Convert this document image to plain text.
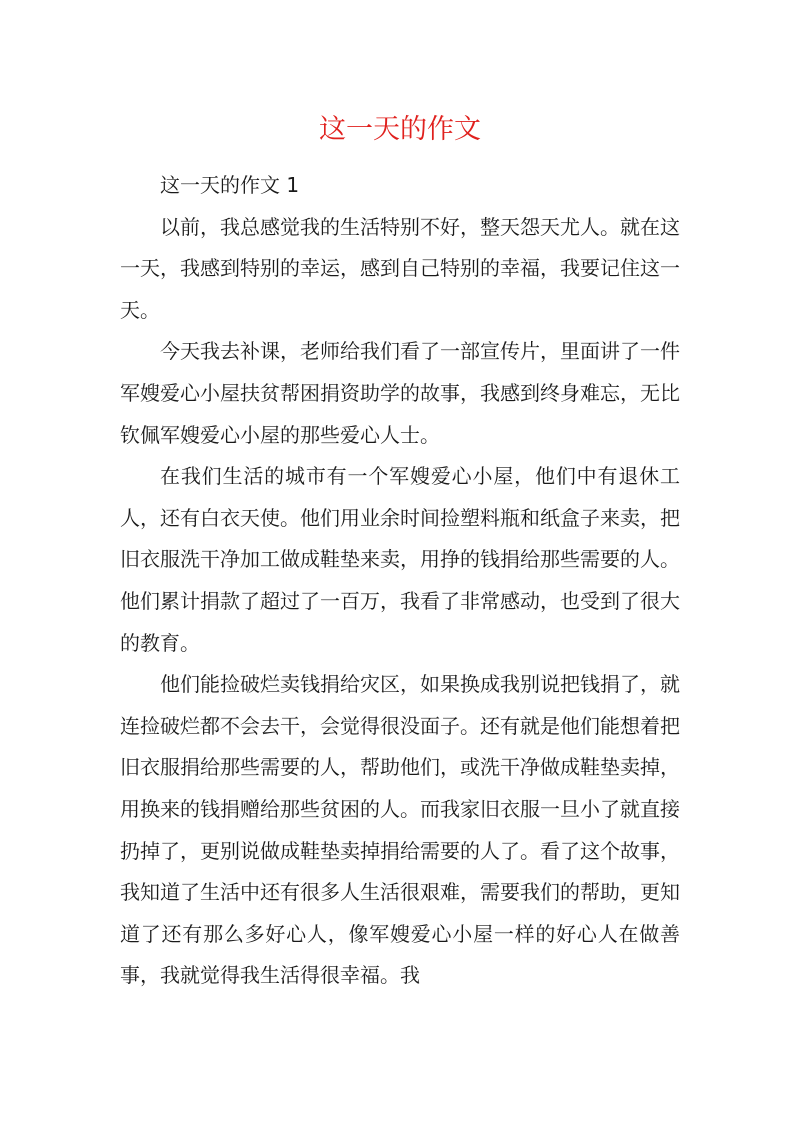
这一天的作文

这一天的作文 1

以前，我总感觉我的生活特别不好，整天怨天尤人。就在这一天，我感到特别的幸运，感到自己特别的幸福，我要记住这一天。

今天我去补课，老师给我们看了一部宣传片，里面讲了一件军嫂爱心小屋扶贫帮困捐资助学的故事，我感到终身难忘，无比钦佩军嫂爱心小屋的那些爱心人士。

在我们生活的城市有一个军嫂爱心小屋，他们中有退休工人，还有白衣天使。他们用业余时间捡塑料瓶和纸盒子来卖，把旧衣服洗干净加工做成鞋垫来卖，用挣的钱捐给那些需要的人。他们累计捐款了超过了一百万，我看了非常感动，也受到了很大的教育。

他们能捡破烂卖钱捐给灾区，如果换成我别说把钱捐了，就连捡破烂都不会去干，会觉得很没面子。还有就是他们能想着把旧衣服捐给那些需要的人，帮助他们，或洗干净做成鞋垫卖掉，用换来的钱捐赠给那些贫困的人。而我家旧衣服一旦小了就直接扔掉了，更别说做成鞋垫卖掉捐给需要的人了。看了这个故事，我知道了生活中还有很多人生活很艰难，需要我们的帮助，更知道了还有那么多好心人，像军嫂爱心小屋一样的好心人在做善事，我就觉得我生活得很幸福。我
